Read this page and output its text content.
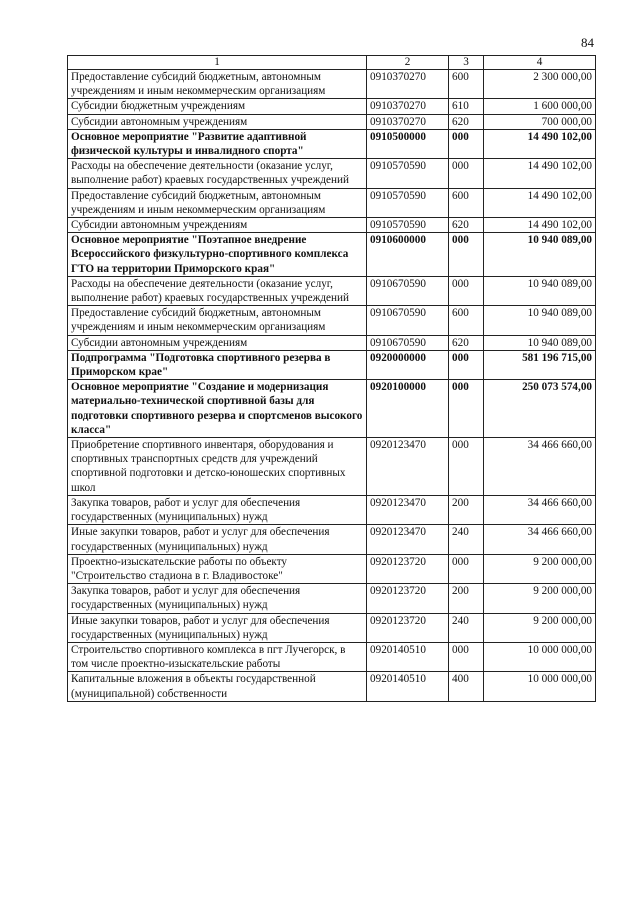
84
1	2	3	4
Предоставление субсидий бюджетным, автономным учреждениям и иным некоммерческим организациям	0910370270	600	2 300 000,00
Субсидии бюджетным учреждениям	0910370270	610	1 600 000,00
Субсидии автономным учреждениям	0910370270	620	700 000,00
Основное мероприятие "Развитие адаптивной физической культуры и инвалидного спорта"	0910500000	000	14 490 102,00
Расходы на обеспечение деятельности (оказание услуг, выполнение работ) краевых государственных учреждений	0910570590	000	14 490 102,00
Предоставление субсидий бюджетным, автономным учреждениям и иным некоммерческим организациям	0910570590	600	14 490 102,00
Субсидии автономным учреждениям	0910570590	620	14 490 102,00
Основное мероприятие "Поэтапное внедрение Всероссийского физкультурно-спортивного комплекса ГТО на территории Приморского края"	0910600000	000	10 940 089,00
Расходы на обеспечение деятельности (оказание услуг, выполнение работ) краевых государственных учреждений	0910670590	000	10 940 089,00
Предоставление субсидий бюджетным, автономным учреждениям и иным некоммерческим организациям	0910670590	600	10 940 089,00
Субсидии автономным учреждениям	0910670590	620	10 940 089,00
Подпрограмма "Подготовка спортивного резерва в Приморском крае"	0920000000	000	581 196 715,00
Основное мероприятие "Создание и модернизация материально-технической спортивной базы для подготовки спортивного резерва и спортсменов высокого класса"	0920100000	000	250 073 574,00
Приобретение спортивного инвентаря, оборудования и спортивных транспортных средств для учреждений спортивной подготовки и детско-юношеских спортивных школ	0920123470	000	34 466 660,00
Закупка товаров, работ и услуг для обеспечения государственных (муниципальных) нужд	0920123470	200	34 466 660,00
Иные закупки товаров, работ и услуг для обеспечения государственных (муниципальных) нужд	0920123470	240	34 466 660,00
Проектно-изыскательские работы по объекту "Строительство стадиона в г. Владивостоке"	0920123720	000	9 200 000,00
Закупка товаров, работ и услуг для обеспечения государственных (муниципальных) нужд	0920123720	200	9 200 000,00
Иные закупки товаров, работ и услуг для обеспечения государственных (муниципальных) нужд	0920123720	240	9 200 000,00
Строительство спортивного комплекса в пгт Лучегорск, в том числе проектно-изыскательские работы	0920140510	000	10 000 000,00
Капитальные вложения в объекты государственной (муниципальной) собственности	0920140510	400	10 000 000,00
